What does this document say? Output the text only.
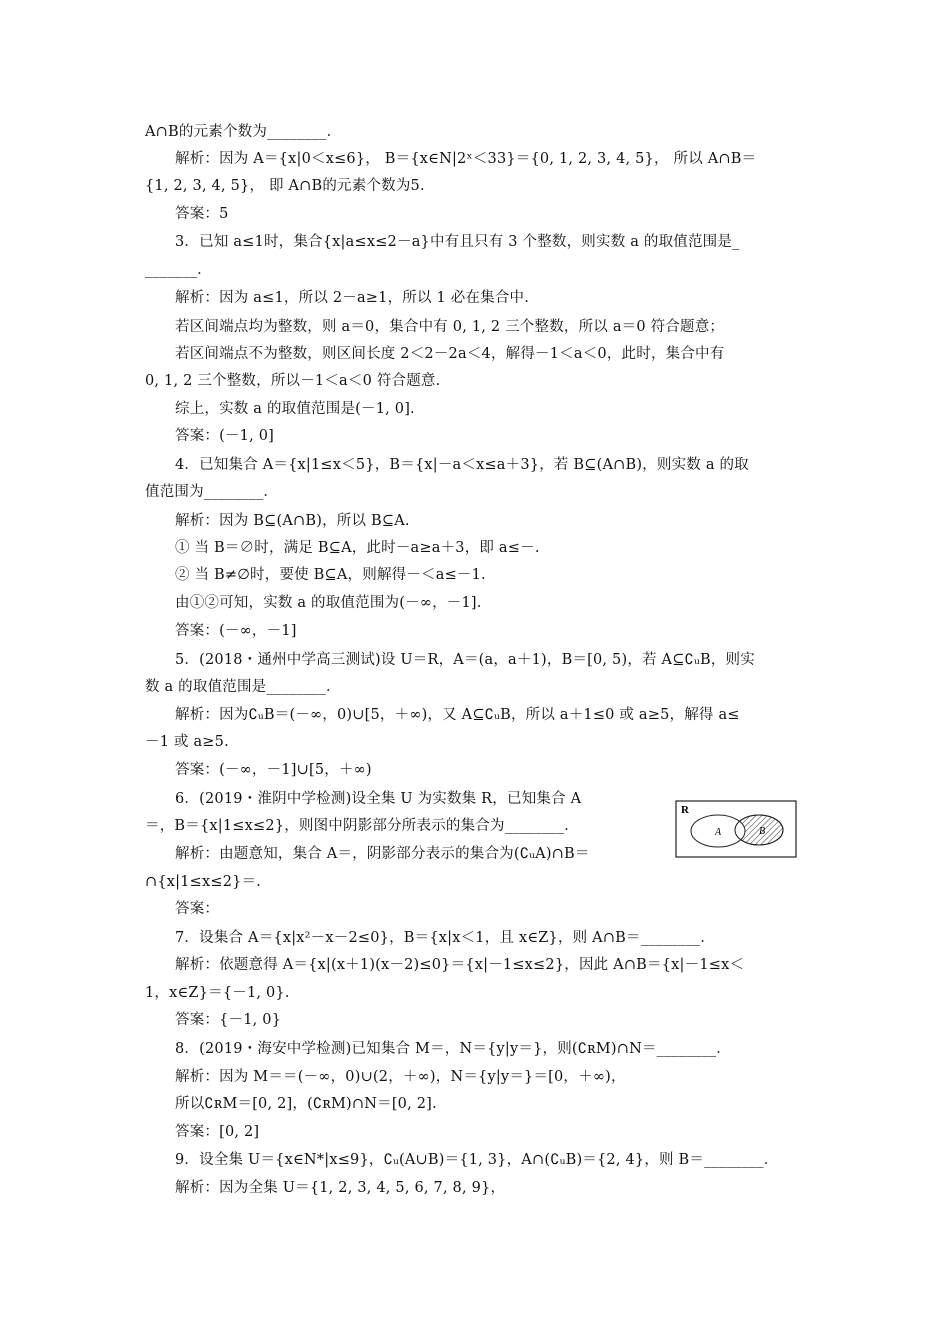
A∩B的元素个数为________．
解析：因为 A＝{x|0＜x≤6}， B＝{x∈N|2ˣ＜33}＝{0, 1, 2, 3, 4, 5}， 所以 A∩B＝
{1, 2, 3, 4, 5}， 即 A∩B的元素个数为5.
答案：5
3．已知 a≤1时，集合{x|a≤x≤2－a}中有且只有 3 个整数，则实数 a 的取值范围是_
_______．
解析：因为 a≤1，所以 2－a≥1，所以 1 必在集合中.
若区间端点均为整数，则 a＝0，集合中有 0, 1, 2 三个整数，所以 a＝0 符合题意；
若区间端点不为整数，则区间长度 2＜2－2a＜4，解得－1＜a＜0，此时，集合中有
0, 1, 2 三个整数，所以－1＜a＜0 符合题意.
综上，实数 a 的取值范围是(－1, 0].
答案：(－1, 0]
4．已知集合 A＝{x|1≤x＜5}，B＝{x|－a＜x≤a＋3}，若 B⊆(A∩B)，则实数 a 的取
值范围为________．
解析：因为 B⊆(A∩B)，所以 B⊆A.
① 当 B＝∅时，满足 B⊆A，此时－a≥a＋3，即 a≤－.
② 当 B≠∅时，要使 B⊆A，则解得－＜a≤－1.
由①②可知，实数 a 的取值范围为(－∞，－1].
答案：(－∞，－1]
5．(2018・通州中学高三测试)设 U＝R，A＝(a，a＋1)，B＝[0, 5)，若 A⊆∁ᵤB，则实
数 a 的取值范围是________．
解析：因为∁ᵤB＝(－∞，0)∪[5，＋∞)，又 A⊆∁ᵤB，所以 a＋1≤0 或 a≥5，解得 a≤
－1 或 a≥5.
答案：(－∞，－1]∪[5，＋∞)
6．(2019・淮阴中学检测)设全集 U 为实数集 R，已知集合 A
＝，B＝{x|1≤x≤2}，则图中阴影部分所表示的集合为________．
解析：由题意知，集合 A＝，阴影部分表示的集合为(∁ᵤA)∩B＝
∩{x|1≤x≤2}＝.
答案：
7．设集合 A＝{x|x²－x－2≤0}，B＝{x|x＜1，且 x∈Z}，则 A∩B＝________．
解析：依题意得 A＝{x|(x＋1)(x－2)≤0}＝{x|－1≤x≤2}，因此 A∩B＝{x|－1≤x＜
1，x∈Z}＝{－1, 0}.
答案：{－1, 0}
8．(2019・海安中学检测)已知集合 M＝，N＝{y|y＝}，则(∁ʀM)∩N＝________．
解析：因为 M＝＝(－∞，0)∪(2，＋∞)，N＝{y|y＝}＝[0，＋∞)，
所以∁ʀM＝[0, 2]，(∁ʀM)∩N＝[0, 2].
答案：[0, 2]
9．设全集 U＝{x∈N*|x≤9}，∁ᵤ(A∪B)＝{1, 3}，A∩(∁ᵤB)＝{2, 4}，则 B＝________．
解析：因为全集 U＝{1, 2, 3, 4, 5, 6, 7, 8, 9}，
R
A	B
